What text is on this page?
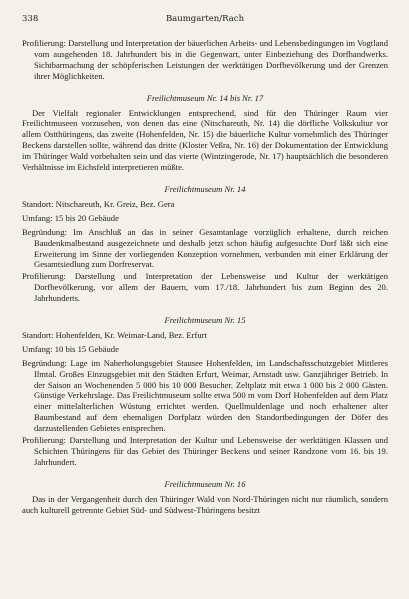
338	Baumgarten/Rach

Profilierung: Darstellung und Interpretation der bäuerlichen Arbeits- und Lebensbedingungen im Vogtland vom ausgehenden 18. Jahrhundert bis in die Gegenwart, unter Einbeziehung des Dorfhandwerks. Sichtbarmachung der schöpferischen Leistungen der werktätigen Dorfbevölkerung und der Grenzen ihrer Möglichkeiten.

Freilichtmuseum Nr. 14 bis Nr. 17

Der Vielfalt regionaler Entwicklungen entsprechend, sind für den Thüringer Raum vier Freilichtmuseen vorzusehen, von denen das eine (Nitschareuth, Nr. 14) die dörfliche Volkskultur vor allem Ostthüringens, das zweite (Hohenfelden, Nr. 15) die bäuerliche Kultur vornehmlich des Thüringer Beckens darstellen sollte, während das dritte (Kloster Veßra, Nr. 16) der Dokumentation der Entwicklung im Thüringer Wald vorbehalten sein und das vierte (Wintzingerode, Nr. 17) hauptsächlich die besonderen Verhältnisse im Eichsfeld interpretieren müßte.

Freilichtmuseum Nr. 14

Standort: Nitschareuth, Kr. Greiz, Bez. Gera

Umfang: 15 bis 20 Gebäude

Begründung: Im Anschluß an das in seiner Gesamtanlage vorzüglich erhaltene, durch reichen Baudenkmalbestand ausgezeichnete und deshalb jetzt schon häufig aufgesuchte Dorf läßt sich eine Erweiterung im Sinne der vorliegenden Konzeption vornehmen, verbunden mit einer Erklärung der Gesamtsiedlung zum Dorfreservat.

Profilierung: Darstellung und Interpretation der Lebensweise und Kultur der werktätigen Dorfbevölkerung, vor allem der Bauern, vom 17./18. Jahrhundert bis zum Beginn des 20. Jahrhunderts.

Freilichtmuseum Nr. 15

Standort: Hohenfelden, Kr. Weimar-Land, Bez. Erfurt

Umfang: 10 bis 15 Gebäude

Begründung: Lage im Naherholungsgebiet Stausee Hohenfelden, im Landschaftsschutzgebiet Mittleres Ilmtal. Großes Einzugsgebiet mit den Städten Erfurt, Weimar, Arnstadt usw. Ganzjähriger Betrieb. In der Saison an Wochenenden 5 000 bis 10 000 Besucher. Zeltplatz mit etwa 1 000 bis 2 000 Gästen. Günstige Verkehrslage. Das Freilichtmuseum sollte etwa 500 m vom Dorf Hohenfelden auf dem Platz einer mittelalterlichen Wüstung errichtet werden. Quellmuldenlage und noch erhaltener alter Baumbestand auf dem ehemaligen Dorfplatz würden den Standortbedingungen der Döfer des darzustellenden Gebietes entsprechen.

Profilierung: Darstellung und Interpretation der Kultur und Lebensweise der werktätigen Klassen und Schichten Thüringens für das Gebiet des Thüringer Beckens und seiner Randzone vom 16. bis 19. Jahrhundert.

Freilichtmuseum Nr. 16

Das in der Vergangenheit durch den Thüringer Wald von Nord-Thüringen nicht nur räumlich, sondern auch kulturell getrennte Gebiet Süd- und Südwest-Thüringens besitzt
